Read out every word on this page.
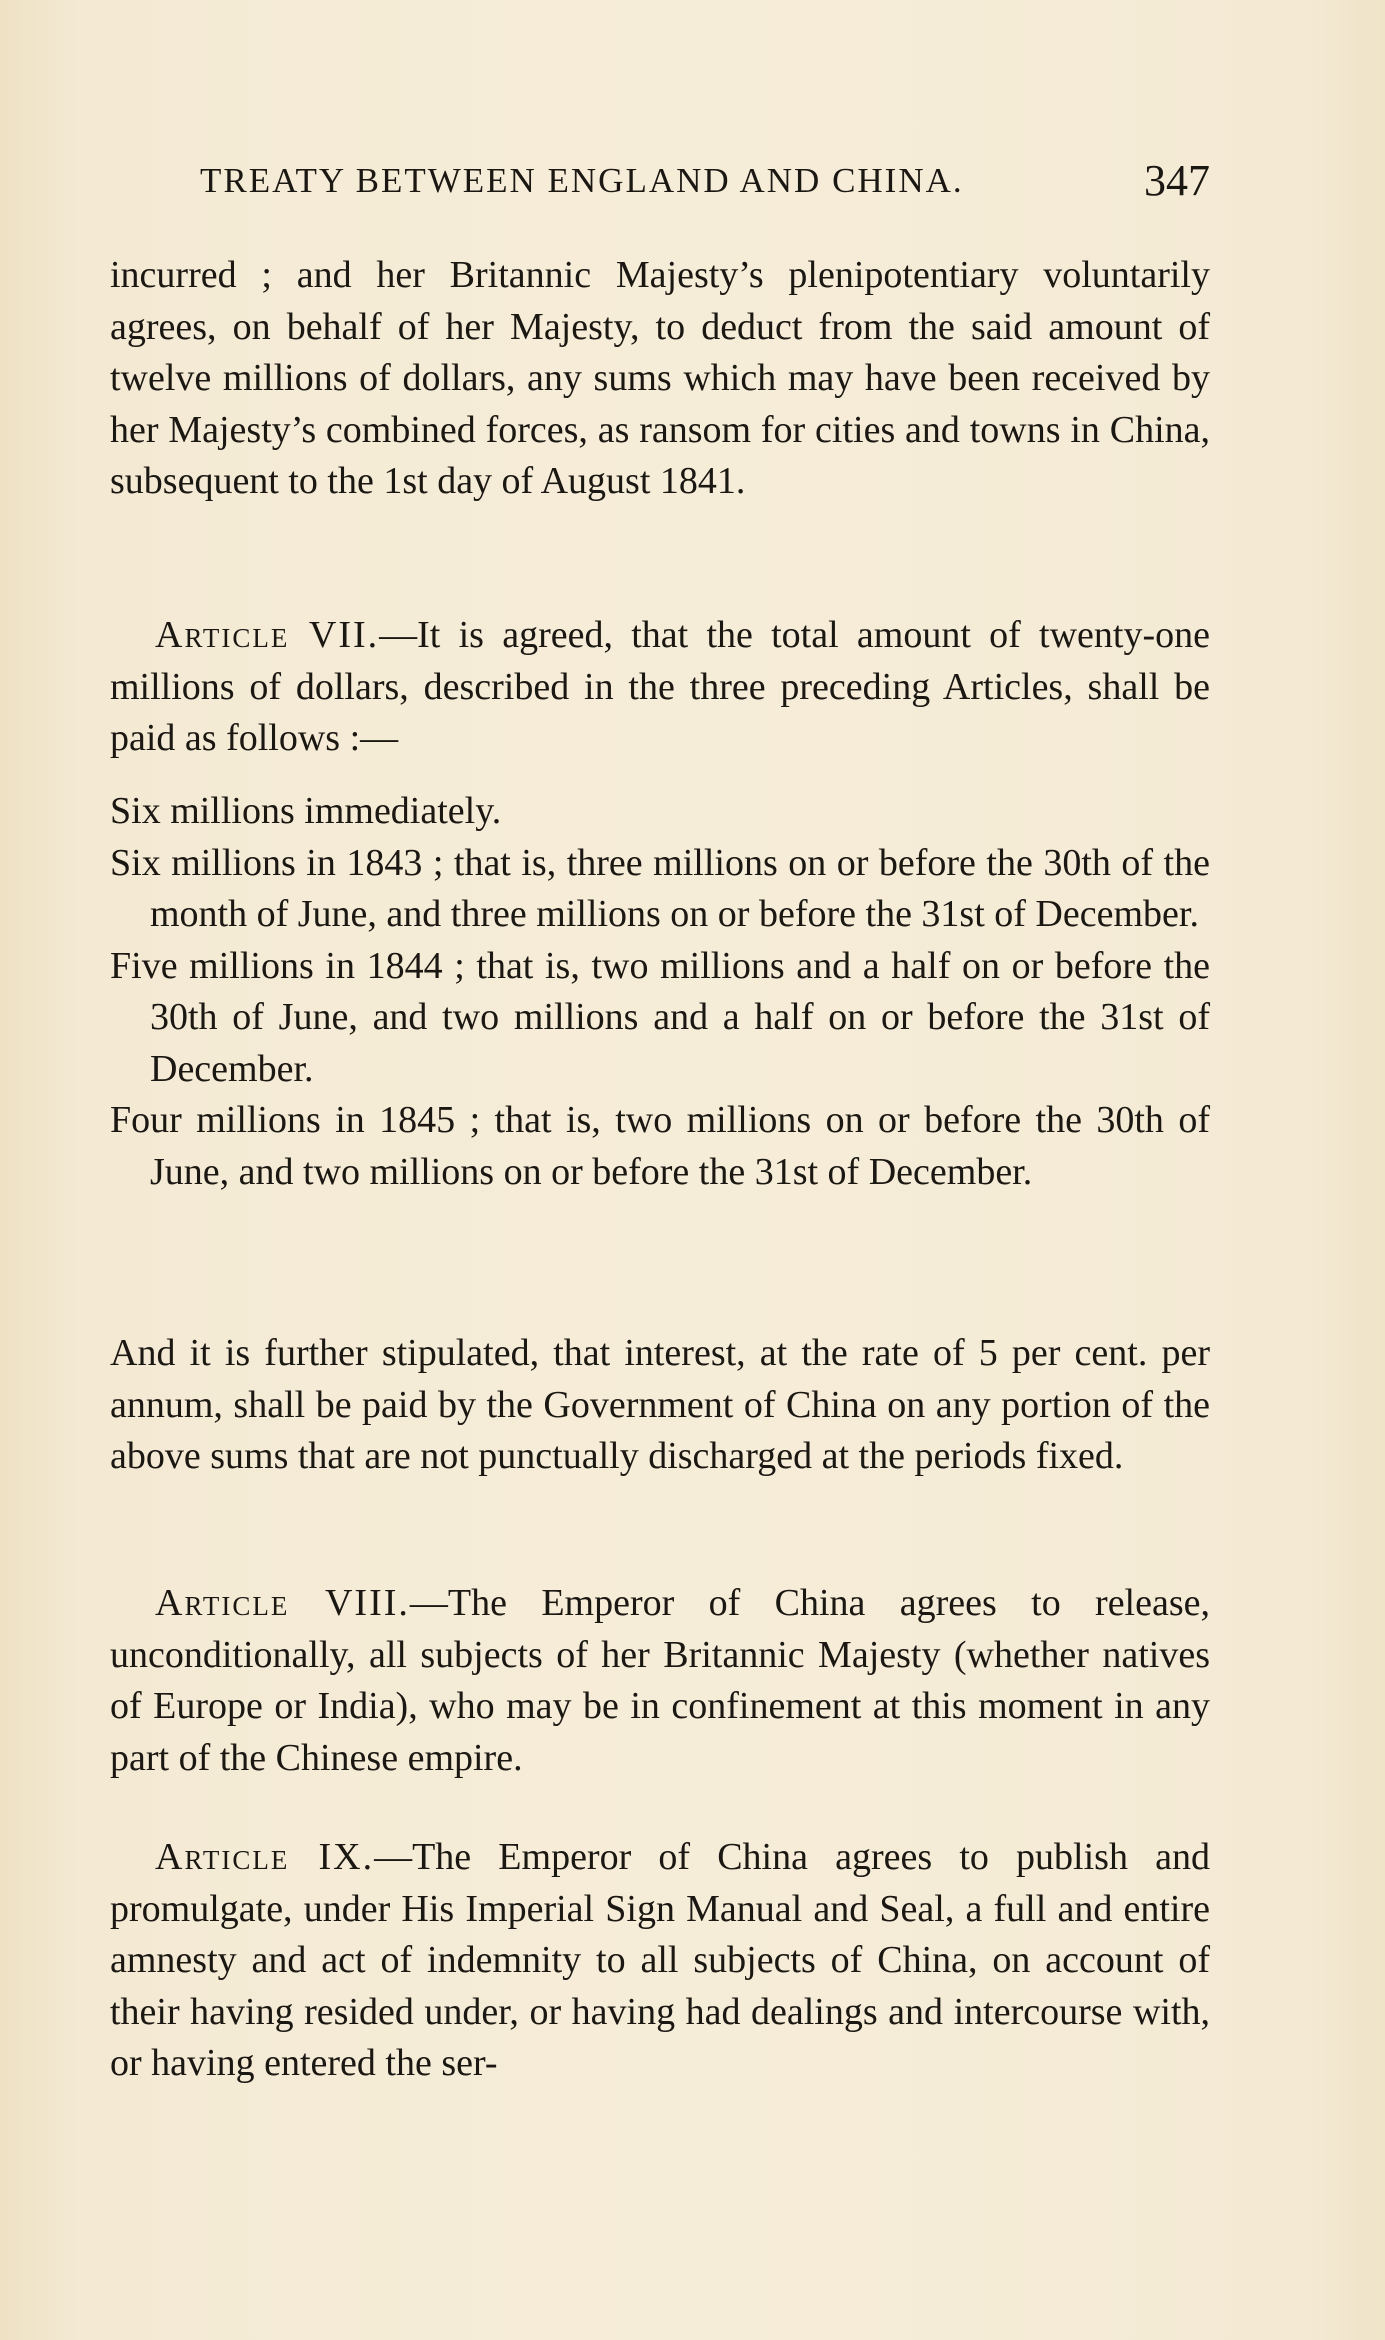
TREATY BETWEEN ENGLAND AND CHINA.	347

incurred ; and her Britannic Majesty’s plenipotentiary voluntarily agrees, on behalf of her Majesty, to deduct from the said amount of twelve millions of dollars, any sums which may have been received by her Majesty’s combined forces, as ransom for cities and towns in China, subsequent to the 1st day of August 1841.

Article VII.—It is agreed, that the total amount of twenty-one millions of dollars, described in the three preceding Articles, shall be paid as follows :—

Six millions immediately.

Six millions in 1843 ; that is, three millions on or before the 30th of the month of June, and three millions on or before the 31st of December.

Five millions in 1844 ; that is, two millions and a half on or before the 30th of June, and two millions and a half on or before the 31st of December.

Four millions in 1845 ; that is, two millions on or before the 30th of June, and two millions on or before the 31st of December.

And it is further stipulated, that interest, at the rate of 5 per cent. per annum, shall be paid by the Government of China on any portion of the above sums that are not punctually discharged at the periods fixed.

Article VIII.—The Emperor of China agrees to release, unconditionally, all subjects of her Britannic Majesty (whether natives of Europe or India), who may be in confinement at this moment in any part of the Chinese empire.

Article IX.—The Emperor of China agrees to publish and promulgate, under His Imperial Sign Manual and Seal, a full and entire amnesty and act of indemnity to all subjects of China, on account of their having resided under, or having had dealings and intercourse with, or having entered the ser-
